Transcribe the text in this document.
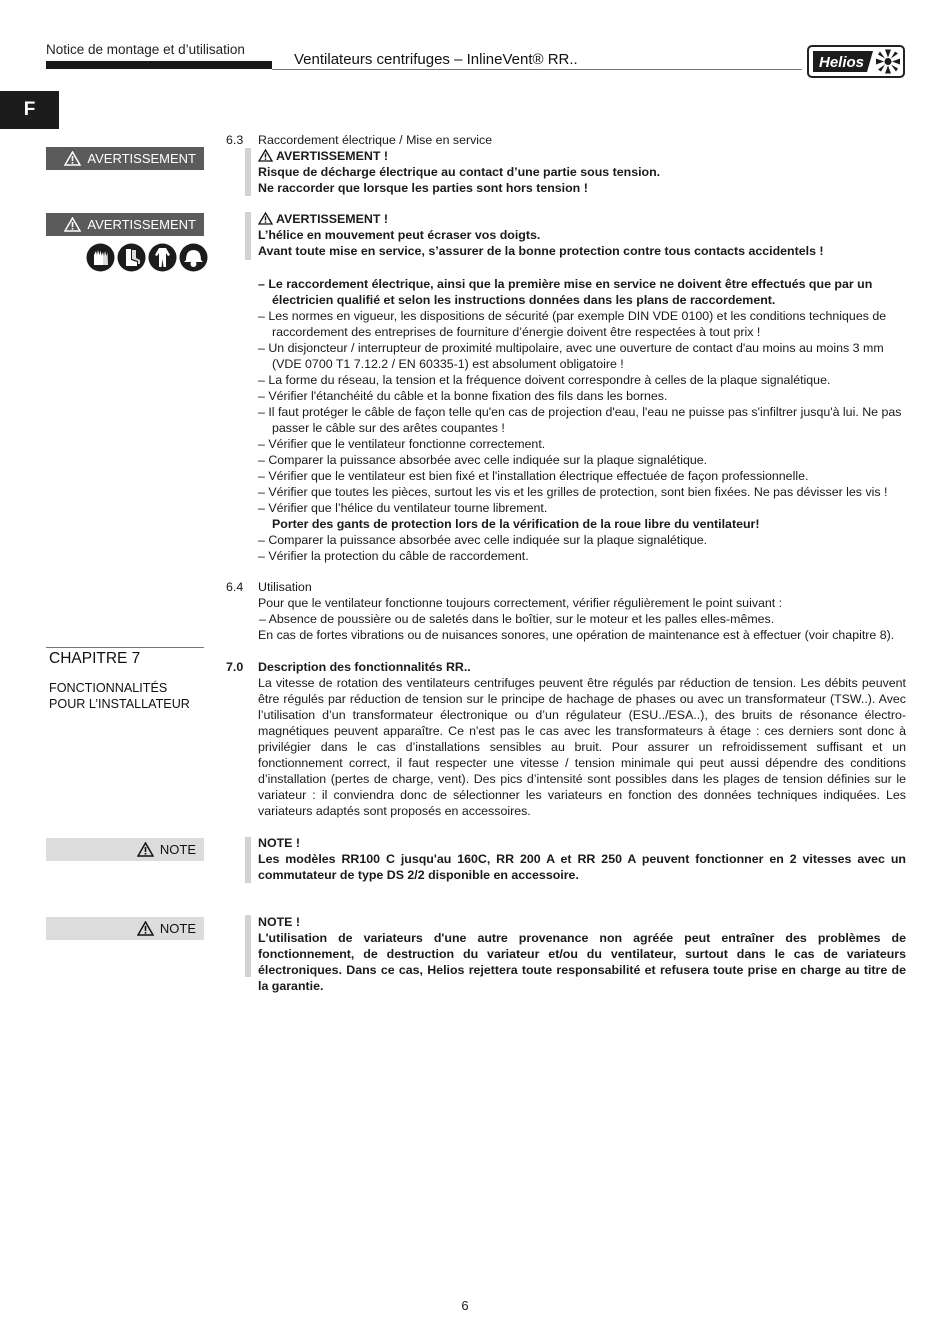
Notice de montage et d’utilisation
Ventilateurs centrifuges – InlineVent® RR..	Helios
F
AVERTISSEMENT
AVERTISSEMENT
CHAPITRE 7
FONCTIONNALITÉS
POUR L’INSTALLATEUR
NOTE
NOTE
6.3 Raccordement électrique / Mise en service
AVERTISSEMENT !
Risque de décharge électrique au contact d’une partie sous tension.
Ne raccorder que lorsque les parties sont hors tension !
AVERTISSEMENT !
L’hélice en mouvement peut écraser vos doigts.
Avant toute mise en service, s’assurer de la bonne protection contre tous contacts accidentels !
– Le raccordement électrique, ainsi que la première mise en service ne doivent être effectués que par un électricien qualifié et selon les instructions données dans les plans de raccordement.
– Les normes en vigueur, les dispositions de sécurité (par exemple DIN VDE 0100) et les conditions techniques de raccordement des entreprises de fourniture d’énergie doivent être respectées à tout prix !
– Un disjoncteur / interrupteur de proximité multipolaire, avec une ouverture de contact d'au moins au moins 3 mm (VDE 0700 T1 7.12.2 / EN 60335-1) est absolument obligatoire !
– La forme du réseau, la tension et la fréquence doivent correspondre à celles de la plaque signalétique.
– Vérifier l'étanchéité du câble et la bonne fixation des fils dans les bornes.
– Il faut protéger le câble de façon telle qu'en cas de projection d'eau, l'eau ne puisse pas s'infiltrer jusqu'à lui. Ne pas passer le câble sur des arêtes coupantes !
– Vérifier que le ventilateur fonctionne correctement.
– Comparer la puissance absorbée avec celle indiquée sur la plaque signalétique.
– Vérifier que le ventilateur est bien fixé et l'installation électrique effectuée de façon professionnelle.
– Vérifier que toutes les pièces, surtout les vis et les grilles de protection, sont bien fixées. Ne pas dévisser les vis !
– Vérifier que l’hélice du ventilateur tourne librement.
Porter des gants de protection lors de la vérification de la roue libre du ventilateur!
– Comparer la puissance absorbée avec celle indiquée sur la plaque signalétique.
– Vérifier la protection du câble de raccordement.
6.4 Utilisation
Pour que le ventilateur fonctionne toujours correctement, vérifier régulièrement le point suivant :
– Absence de poussière ou de saletés dans le boîtier, sur le moteur et les palles elles-mêmes.
En cas de fortes vibrations ou de nuisances sonores, une opération de maintenance est à effectuer (voir chapitre 8).
7.0 Description des fonctionnalités RR..
La vitesse de rotation des ventilateurs centrifuges peuvent être régulés par réduction de tension. Les débits peuvent être régulés par réduction de tension sur le principe de hachage de phases ou avec un transformateur (TSW..). Avec l’utilisation d’un transformateur électronique ou d’un régulateur (ESU../ESA..), des bruits de résonance électro-magnétiques peuvent apparaître. Ce n'est pas le cas avec les transformateurs à étage : ces derniers sont donc à privilégier dans le cas d’installations sensibles au bruit. Pour assurer un refroidissement suffisant et un fonctionnement correct, il faut respecter une vitesse / tension minimale qui peut aussi dépendre des conditions d’installation (pertes de charge, vent). Des pics d’intensité sont possibles dans les plages de tension définies sur le variateur : il conviendra donc de sélectionner les variateurs en fonction des données techniques indiquées. Les variateurs adaptés sont proposés en accessoires.
NOTE !
Les modèles RR100 C jusqu'au 160C, RR 200 A et RR 250 A peuvent fonctionner en 2 vitesses avec un commutateur de type DS 2/2 disponible en accessoire.
NOTE !
L'utilisation de variateurs d'une autre provenance non agréée peut entraîner des problèmes de fonctionnement, de destruction du variateur et/ou du ventilateur, surtout dans le cas de variateurs électroniques. Dans ce cas, Helios rejettera toute responsabilité et refusera toute prise en charge au titre de la garantie.
6
